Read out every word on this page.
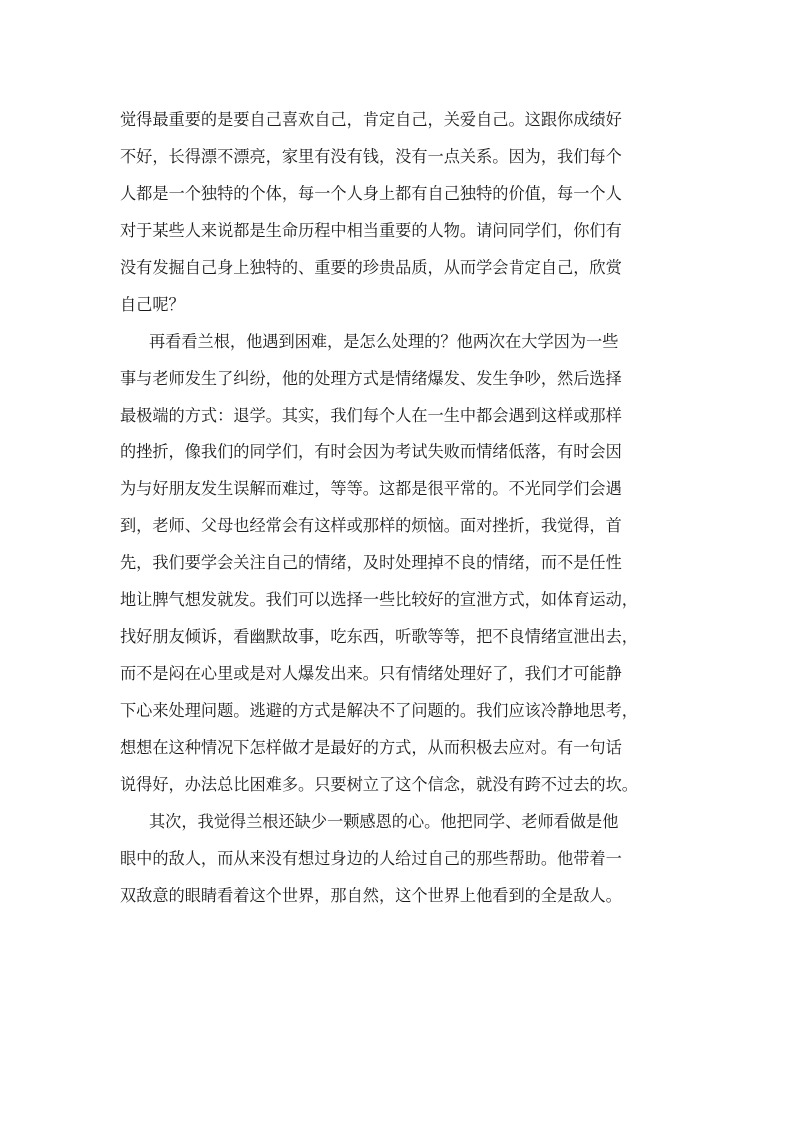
觉得最重要的是要自己喜欢自己，肯定自己，关爱自己。这跟你成绩好
不好，长得漂不漂亮，家里有没有钱，没有一点关系。因为，我们每个
人都是一个独特的个体，每一个人身上都有自己独特的价值，每一个人
对于某些人来说都是生命历程中相当重要的人物。请问同学们，你们有
没有发掘自己身上独特的、重要的珍贵品质，从而学会肯定自己，欣赏
自己呢？
再看看兰根，他遇到困难，是怎么处理的？他两次在大学因为一些
事与老师发生了纠纷，他的处理方式是情绪爆发、发生争吵，然后选择
最极端的方式：退学。其实，我们每个人在一生中都会遇到这样或那样
的挫折，像我们的同学们，有时会因为考试失败而情绪低落，有时会因
为与好朋友发生误解而难过，等等。这都是很平常的。不光同学们会遇
到，老师、父母也经常会有这样或那样的烦恼。面对挫折，我觉得，首
先，我们要学会关注自己的情绪，及时处理掉不良的情绪，而不是任性
地让脾气想发就发。我们可以选择一些比较好的宣泄方式，如体育运动，
找好朋友倾诉，看幽默故事，吃东西，听歌等等，把不良情绪宣泄出去，
而不是闷在心里或是对人爆发出来。只有情绪处理好了，我们才可能静
下心来处理问题。逃避的方式是解决不了问题的。我们应该冷静地思考，
想想在这种情况下怎样做才是最好的方式，从而积极去应对。有一句话
说得好，办法总比困难多。只要树立了这个信念，就没有跨不过去的坎。
其次，我觉得兰根还缺少一颗感恩的心。他把同学、老师看做是他
眼中的敌人，而从来没有想过身边的人给过自己的那些帮助。他带着一
双敌意的眼睛看着这个世界，那自然，这个世界上他看到的全是敌人。
